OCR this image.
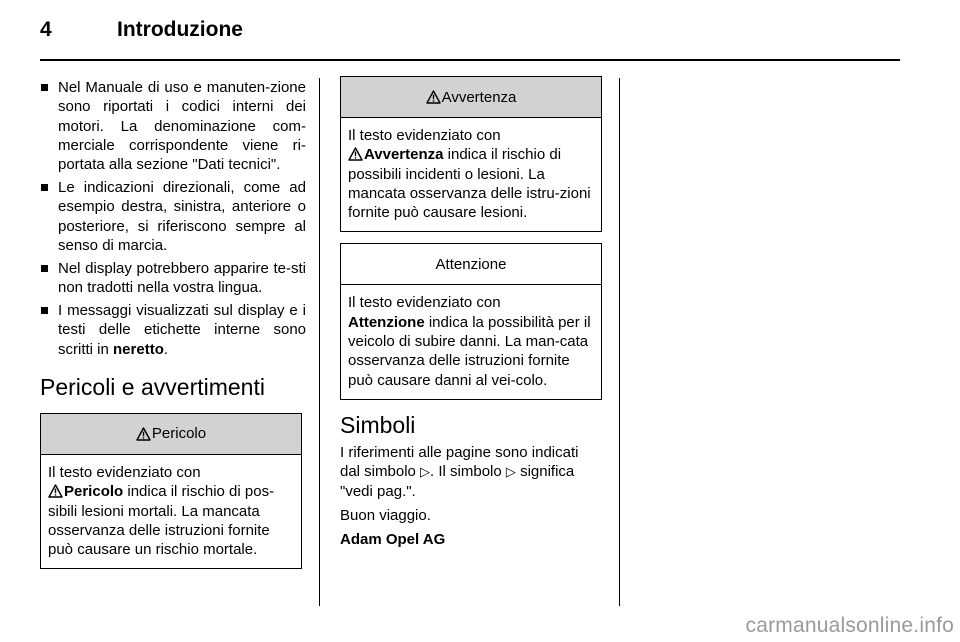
4	Introduzione
Nel Manuale di uso e manuten-zione sono riportati i codici interni dei motori. La denominazione com-merciale corrispondente viene ri-portata alla sezione "Dati tecnici".
Le indicazioni direzionali, come ad esempio destra, sinistra, anteriore o posteriore, si riferiscono sempre al senso di marcia.
Nel display potrebbero apparire te-sti non tradotti nella vostra lingua.
I messaggi visualizzati sul display e i testi delle etichette interne sono scritti in neretto.
Pericoli e avvertimenti
Pericolo
Il testo evidenziato con

Pericolo indica il rischio di pos-sibili lesioni mortali. La mancata osservanza delle istruzioni fornite può causare un rischio mortale.
Avvertenza
Il testo evidenziato con

Avvertenza indica il rischio di possibili incidenti o lesioni. La mancata osservanza delle istru-zioni fornite può causare lesioni.
Attenzione
Il testo evidenziato con
Attenzione indica la possibilità per il veicolo di subire danni. La man-cata osservanza delle istruzioni fornite può causare danni al vei-colo.
Simboli

I riferimenti alle pagine sono indicati dal simbolo ▷. Il simbolo ▷ significa "vedi pag.".

Buon viaggio.

Adam Opel AG

carmanualsonline.info
